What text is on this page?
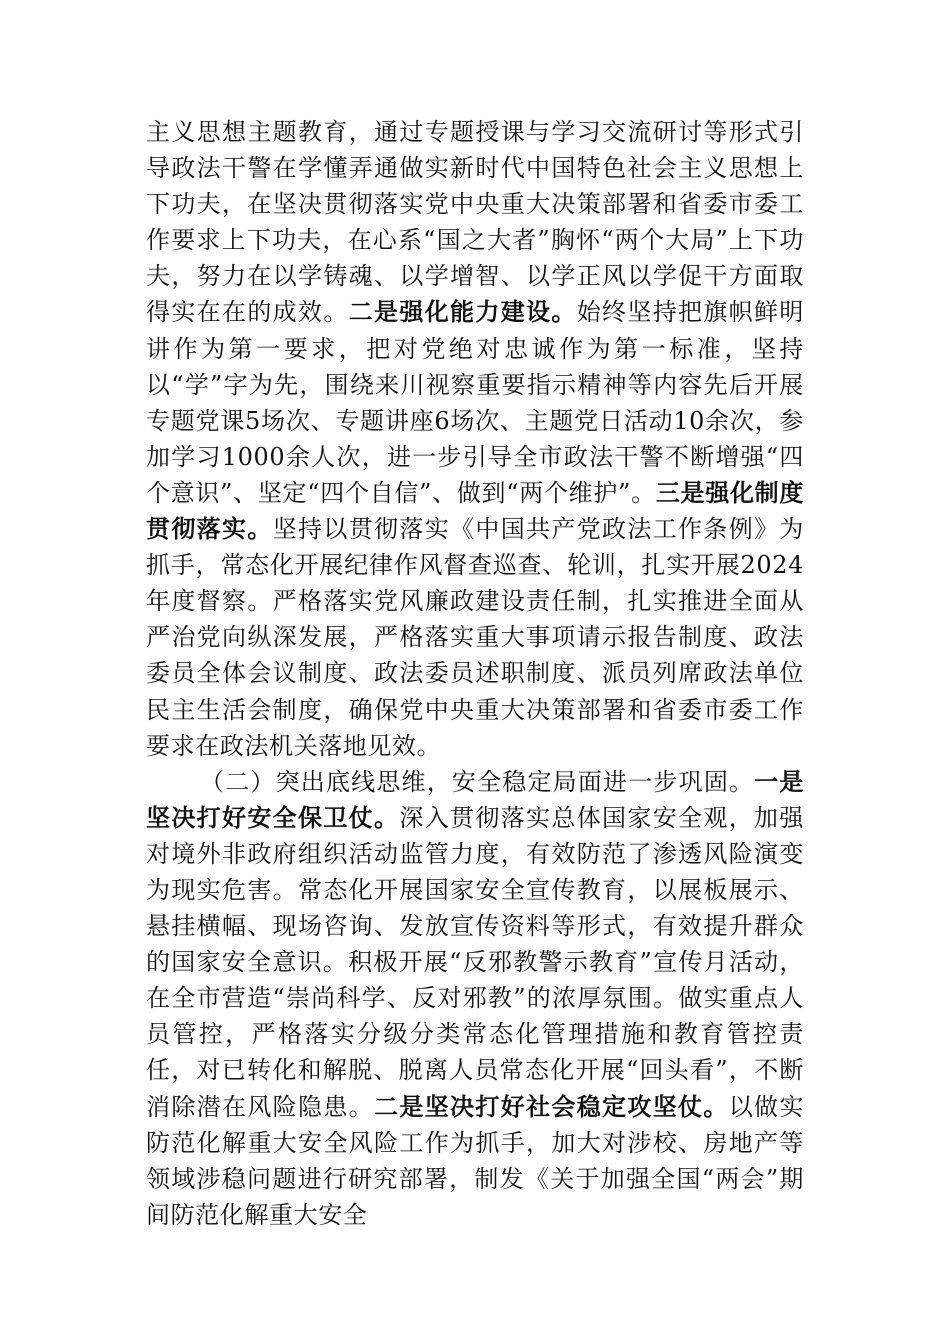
主义思想主题教育，通过专题授课与学习交流研讨等形式引导政法干警在学懂弄通做实新时代中国特色社会主义思想上下功夫，在坚决贯彻落实党中央重大决策部署和省委市委工作要求上下功夫，在心系“国之大者”胸怀“两个大局”上下功夫，努力在以学铸魂、以学增智、以学正风以学促干方面取得实在在的成效。二是强化能力建设。始终坚持把旗帜鲜明讲作为第一要求，把对党绝对忠诚作为第一标准，坚持以“学”字为先，围绕来川视察重要指示精神等内容先后开展专题党课5场次、专题讲座6场次、主题党日活动10余次，参加学习1000余人次，进一步引导全市政法干警不断增强“四个意识”、坚定“四个自信”、做到“两个维护”。三是强化制度贯彻落实。坚持以贯彻落实《中国共产党政法工作条例》为抓手，常态化开展纪律作风督查巡查、轮训，扎实开展2024年度督察。严格落实党风廉政建设责任制，扎实推进全面从严治党向纵深发展，严格落实重大事项请示报告制度、政法委员全体会议制度、政法委员述职制度、派员列席政法单位民主生活会制度，确保党中央重大决策部署和省委市委工作要求在政法机关落地见效。

（二）突出底线思维，安全稳定局面进一步巩固。一是坚决打好安全保卫仗。深入贯彻落实总体国家安全观，加强对境外非政府组织活动监管力度，有效防范了渗透风险演变为现实危害。常态化开展国家安全宣传教育，以展板展示、悬挂横幅、现场咨询、发放宣传资料等形式，有效提升群众的国家安全意识。积极开展“反邪教警示教育”宣传月活动，在全市营造“崇尚科学、反对邪教”的浓厚氛围。做实重点人员管控，严格落实分级分类常态化管理措施和教育管控责任，对已转化和解脱、脱离人员常态化开展“回头看”，不断消除潜在风险隐患。二是坚决打好社会稳定攻坚仗。以做实防范化解重大安全风险工作为抓手，加大对涉校、房地产等领域涉稳问题进行研究部署，制发《关于加强全国“两会”期间防范化解重大安全
